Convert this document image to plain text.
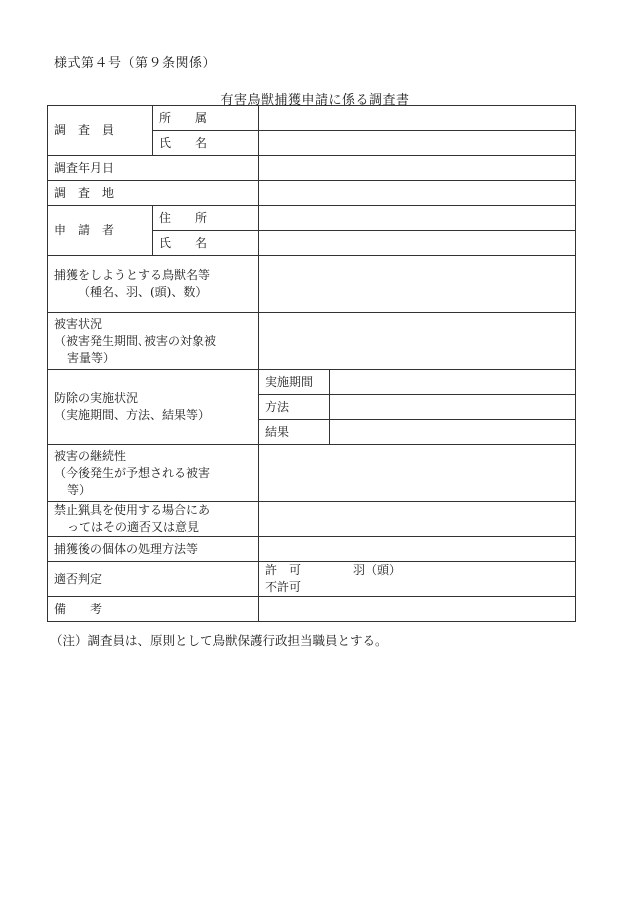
様式第４号（第９条関係）
有害鳥獣捕獲申請に係る調査書
調　査　員	所　　属		
	氏　　名		
調査年月日			
調　査　地			
申　請　者	住　　所		
	氏　　名		

捕獲をしようとする鳥獣名等
（種名、羽、(頭)、数）			

被害状況
（被害発生期間､被害の対象被
害量等）			

防除の実施状況
（実施期間、方法、結果等）		実施期間	
		方法	
		結果	

被害の継続性
（今後発生が予想される被害
等）			

禁止猟具を使用する場合にあ
ってはその適否又は意見			

捕獲後の個体の処理方法等			
適否判定		許　可 羽（頭）
不許可	

備　　考			
（注）調査員は、原則として鳥獣保護行政担当職員とする。
